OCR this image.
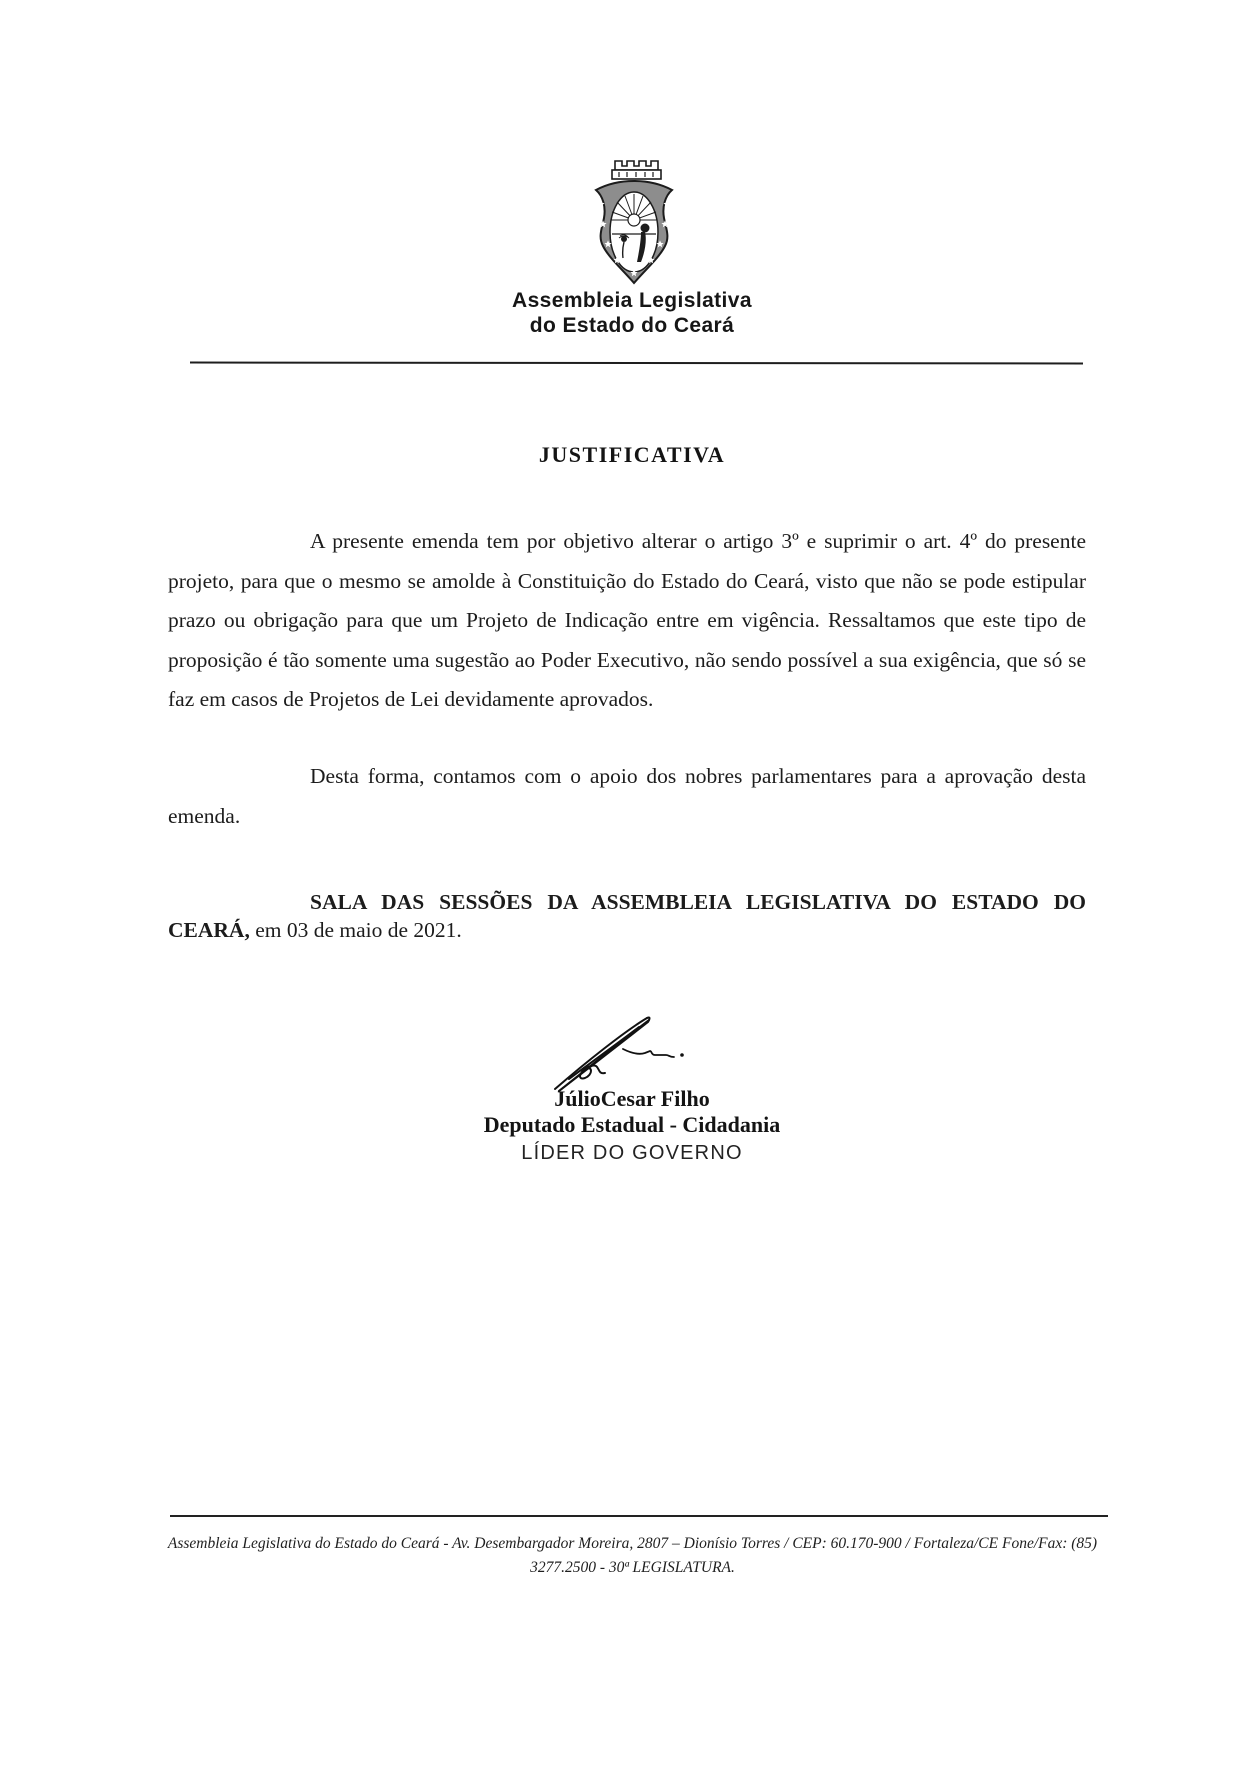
Assembleia Legislativa
do Estado do Ceará
JUSTIFICATIVA

A presente emenda tem por objetivo alterar o artigo 3º e suprimir o art. 4º do presente projeto, para que o mesmo se amolde à Constituição do Estado do Ceará, visto que não se pode estipular prazo ou obrigação para que um Projeto de Indicação entre em vigência. Ressaltamos que este tipo de proposição é tão somente uma sugestão ao Poder Executivo, não sendo possível a sua exigência, que só se faz em casos de Projetos de Lei devidamente aprovados.

Desta forma, contamos com o apoio dos nobres parlamentares para a aprovação desta emenda.

SALA DAS SESSÕES DA ASSEMBLEIA LEGISLATIVA DO ESTADO DO CEARÁ, em 03 de maio de 2021.

JúlioCesar Filho
Deputado Estadual - Cidadania
LÍDER DO GOVERNO
Assembleia Legislativa do Estado do Ceará - Av. Desembargador Moreira, 2807 – Dionísio Torres / CEP: 60.170-900 / Fortaleza/CE Fone/Fax: (85)
3277.2500 - 30ª LEGISLATURA.
